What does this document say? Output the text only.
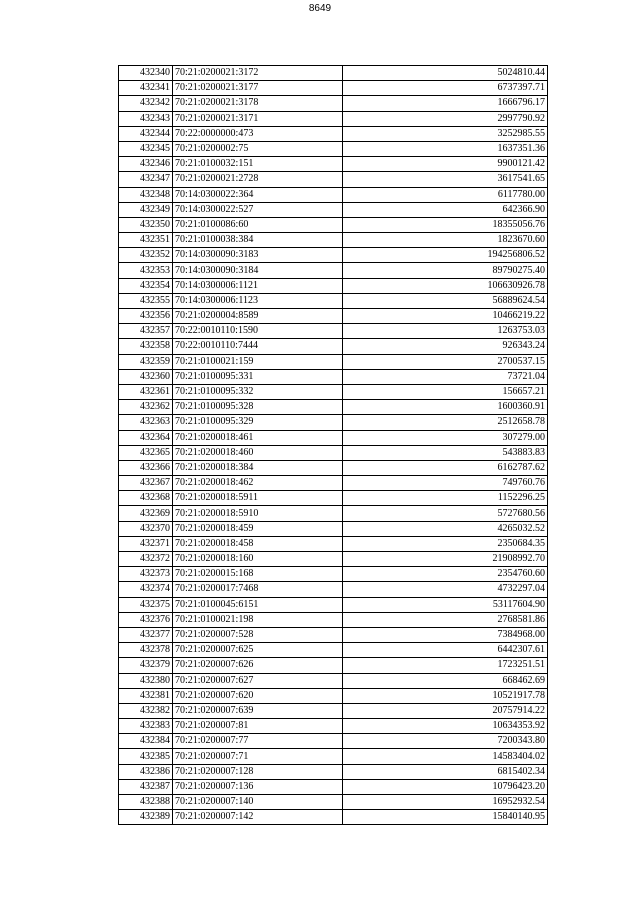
8649
432340	70:21:0200021:3172	5024810.44
432341	70:21:0200021:3177	6737397.71
432342	70:21:0200021:3178	1666796.17
432343	70:21:0200021:3171	2997790.92
432344	70:22:0000000:473	3252985.55
432345	70:21:0200002:75	1637351.36
432346	70:21:0100032:151	9900121.42
432347	70:21:0200021:2728	3617541.65
432348	70:14:0300022:364	6117780.00
432349	70:14:0300022:527	642366.90
432350	70:21:0100086:60	18355056.76
432351	70:21:0100038:384	1823670.60
432352	70:14:0300090:3183	194256806.52
432353	70:14:0300090:3184	89790275.40
432354	70:14:0300006:1121	106630926.78
432355	70:14:0300006:1123	56889624.54
432356	70:21:0200004:8589	10466219.22
432357	70:22:0010110:1590	1263753.03
432358	70:22:0010110:7444	926343.24
432359	70:21:0100021:159	2700537.15
432360	70:21:0100095:331	73721.04
432361	70:21:0100095:332	156657.21
432362	70:21:0100095:328	1600360.91
432363	70:21:0100095:329	2512658.78
432364	70:21:0200018:461	307279.00
432365	70:21:0200018:460	543883.83
432366	70:21:0200018:384	6162787.62
432367	70:21:0200018:462	749760.76
432368	70:21:0200018:5911	1152296.25
432369	70:21:0200018:5910	5727680.56
432370	70:21:0200018:459	4265032.52
432371	70:21:0200018:458	2350684.35
432372	70:21:0200018:160	21908992.70
432373	70:21:0200015:168	2354760.60
432374	70:21:0200017:7468	4732297.04
432375	70:21:0100045:6151	53117604.90
432376	70:21:0100021:198	2768581.86
432377	70:21:0200007:528	7384968.00
432378	70:21:0200007:625	6442307.61
432379	70:21:0200007:626	1723251.51
432380	70:21:0200007:627	668462.69
432381	70:21:0200007:620	10521917.78
432382	70:21:0200007:639	20757914.22
432383	70:21:0200007:81	10634353.92
432384	70:21:0200007:77	7200343.80
432385	70:21:0200007:71	14583404.02
432386	70:21:0200007:128	6815402.34
432387	70:21:0200007:136	10796423.20
432388	70:21:0200007:140	16952932.54
432389	70:21:0200007:142	15840140.95
